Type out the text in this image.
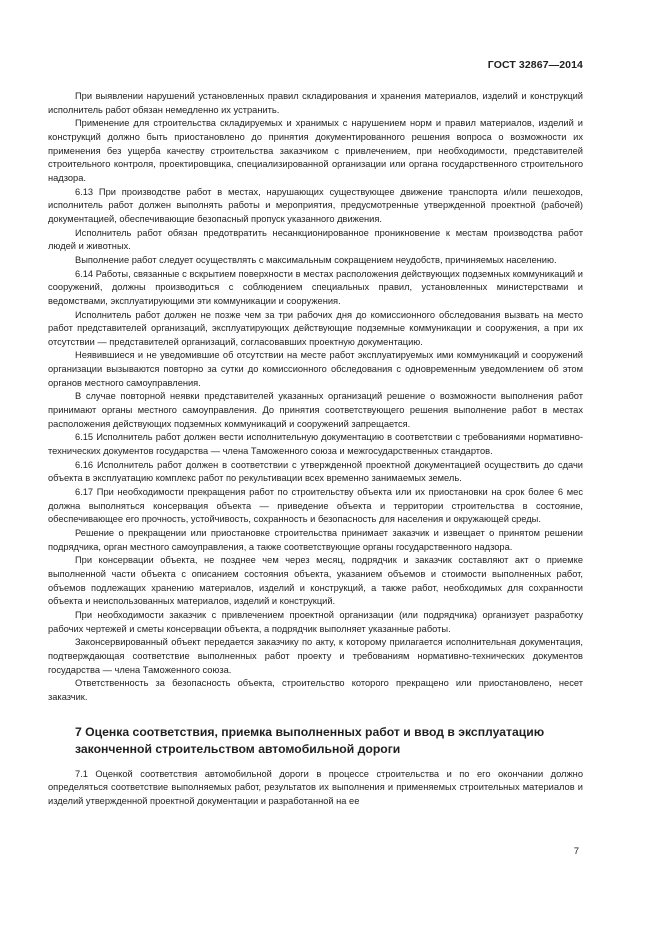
ГОСТ 32867—2014

При выявлении нарушений установленных правил складирования и хранения материалов, изделий и конструкций исполнитель работ обязан немедленно их устранить.

Применение для строительства складируемых и хранимых с нарушением норм и правил материалов, изделий и конструкций должно быть приостановлено до принятия документированного решения вопроса о возможности их применения без ущерба качеству строительства заказчиком с привлечением, при необходимости, представителей строительного контроля, проектировщика, специализированной организации или органа государственного строительного надзора.

6.13 При производстве работ в местах, нарушающих существующее движение транспорта и/или пешеходов, исполнитель работ должен выполнять работы и мероприятия, предусмотренные утвержденной проектной (рабочей) документацией, обеспечивающие безопасный пропуск указанного движения.

Исполнитель работ обязан предотвратить несанкционированное проникновение к местам производства работ людей и животных.

Выполнение работ следует осуществлять с максимальным сокращением неудобств, причиняемых населению.

6.14 Работы, связанные с вскрытием поверхности в местах расположения действующих подземных коммуникаций и сооружений, должны производиться с соблюдением специальных правил, установленных министерствами и ведомствами, эксплуатирующими эти коммуникации и сооружения.

Исполнитель работ должен не позже чем за три рабочих дня до комиссионного обследования вызвать на место работ представителей организаций, эксплуатирующих действующие подземные коммуникации и сооружения, а при их отсутствии — представителей организаций, согласовавших проектную документацию.

Неявившиеся и не уведомившие об отсутствии на месте работ эксплуатируемых ими коммуникаций и сооружений организации вызываются повторно за сутки до комиссионного обследования с одновременным уведомлением об этом органов местного самоуправления.

В случае повторной неявки представителей указанных организаций решение о возможности выполнения работ принимают органы местного самоуправления. До принятия соответствующего решения выполнение работ в местах расположения действующих подземных коммуникаций и сооружений запрещается.

6.15 Исполнитель работ должен вести исполнительную документацию в соответствии с требованиями нормативно-технических документов государства — члена Таможенного союза и межгосударственных стандартов.

6.16 Исполнитель работ должен в соответствии с утвержденной проектной документацией осуществить до сдачи объекта в эксплуатацию комплекс работ по рекультивации всех временно занимаемых земель.

6.17 При необходимости прекращения работ по строительству объекта или их приостановки на срок более 6 мес должна выполняться консервация объекта — приведение объекта и территории строительства в состояние, обеспечивающее его прочность, устойчивость, сохранность и безопасность для населения и окружающей среды.

Решение о прекращении или приостановке строительства принимает заказчик и извещает о принятом решении подрядчика, орган местного самоуправления, а также соответствующие органы государственного надзора.

При консервации объекта, не позднее чем через месяц, подрядчик и заказчик составляют акт о приемке выполненной части объекта с описанием состояния объекта, указанием объемов и стоимости выполненных работ, объемов подлежащих хранению материалов, изделий и конструкций, а также работ, необходимых для сохранности объекта и неиспользованных материалов, изделий и конструкций.

При необходимости заказчик с привлечением проектной организации (или подрядчика) организует разработку рабочих чертежей и сметы консервации объекта, а подрядчик выполняет указанные работы.

Законсервированный объект передается заказчику по акту, к которому прилагается исполнительная документация, подтверждающая соответствие выполненных работ проекту и требованиям нормативно-технических документов государства — члена Таможенного союза.

Ответственность за безопасность объекта, строительство которого прекращено или приостановлено, несет заказчик.

7 Оценка соответствия, приемка выполненных работ и ввод в эксплуатацию законченной строительством автомобильной дороги

7.1 Оценкой соответствия автомобильной дороги в процессе строительства и по его окончании должно определяться соответствие выполняемых работ, результатов их выполнения и применяемых строительных материалов и изделий утвержденной проектной документации и разработанной на ее

7
